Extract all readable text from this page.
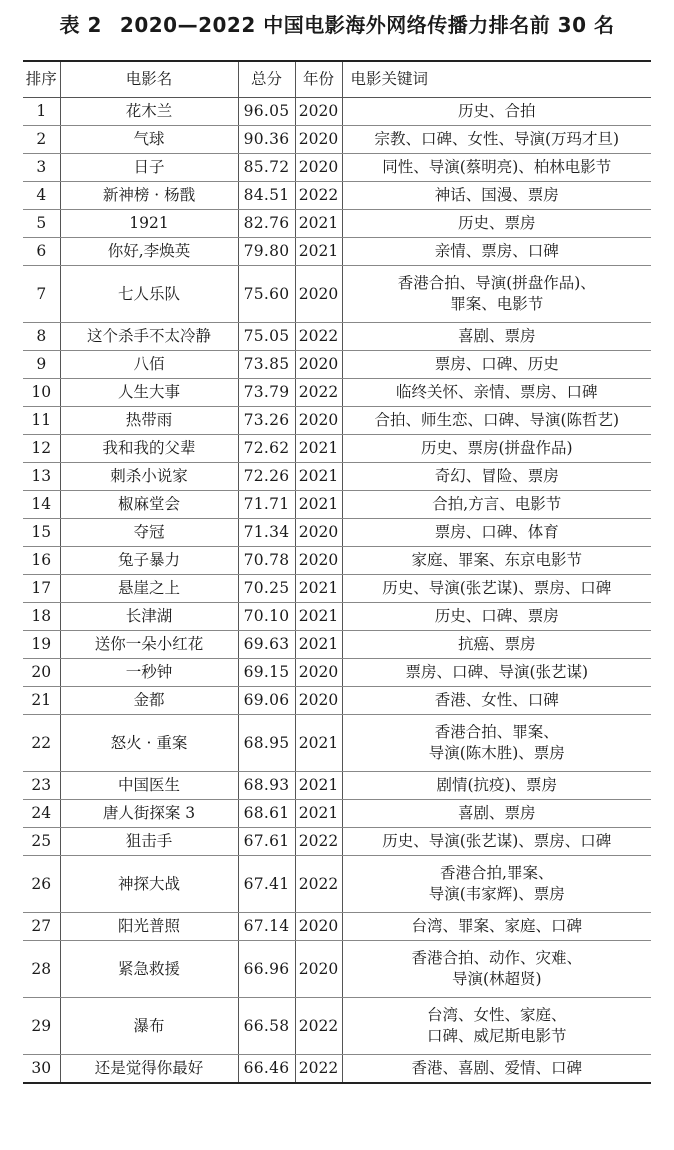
表 2 2020—2022 中国电影海外网络传播力排名前 30 名
排序	电影名	总分	年份	电影关键词
1	花木兰	96.05	2020	历史、合拍

2	气球	90.36	2020	宗教、口碑、女性、导演(万玛才旦)

3	日子	85.72	2020	同性、导演(蔡明亮)、柏林电影节

4	新神榜 · 杨戬	84.51	2022	神话、国漫、票房

5	1921	82.76	2021	历史、票房

6	你好,李焕英	79.80	2021	亲情、票房、口碑

7	七人乐队	75.60	2020	香港合拍、导演(拼盘作品)、
罪案、电影节

8	这个杀手不太冷静	75.05	2022	喜剧、票房

9	八佰	73.85	2020	票房、口碑、历史

10	人生大事	73.79	2022	临终关怀、亲情、票房、口碑

11	热带雨	73.26	2020	合拍、师生恋、口碑、导演(陈哲艺)

12	我和我的父辈	72.62	2021	历史、票房(拼盘作品)

13	刺杀小说家	72.26	2021	奇幻、冒险、票房

14	椒麻堂会	71.71	2021	合拍,方言、电影节

15	夺冠	71.34	2020	票房、口碑、体育

16	兔子暴力	70.78	2020	家庭、罪案、东京电影节

17	悬崖之上	70.25	2021	历史、导演(张艺谋)、票房、口碑

18	长津湖	70.10	2021	历史、口碑、票房

19	送你一朵小红花	69.63	2021	抗癌、票房

20	一秒钟	69.15	2020	票房、口碑、导演(张艺谋)

21	金都	69.06	2020	香港、女性、口碑

22	怒火 · 重案	68.95	2021	香港合拍、罪案、
导演(陈木胜)、票房

23	中国医生	68.93	2021	剧情(抗疫)、票房

24	唐人街探案 3	68.61	2021	喜剧、票房

25	狙击手	67.61	2022	历史、导演(张艺谋)、票房、口碑

26	神探大战	67.41	2022	香港合拍,罪案、
导演(韦家辉)、票房

27	阳光普照	67.14	2020	台湾、罪案、家庭、口碑

28	紧急救援	66.96	2020	香港合拍、动作、灾难、
导演(林超贤)

29	瀑布	66.58	2022	台湾、女性、家庭、
口碑、威尼斯电影节

30	还是觉得你最好	66.46	2022	香港、喜剧、爱情、口碑
